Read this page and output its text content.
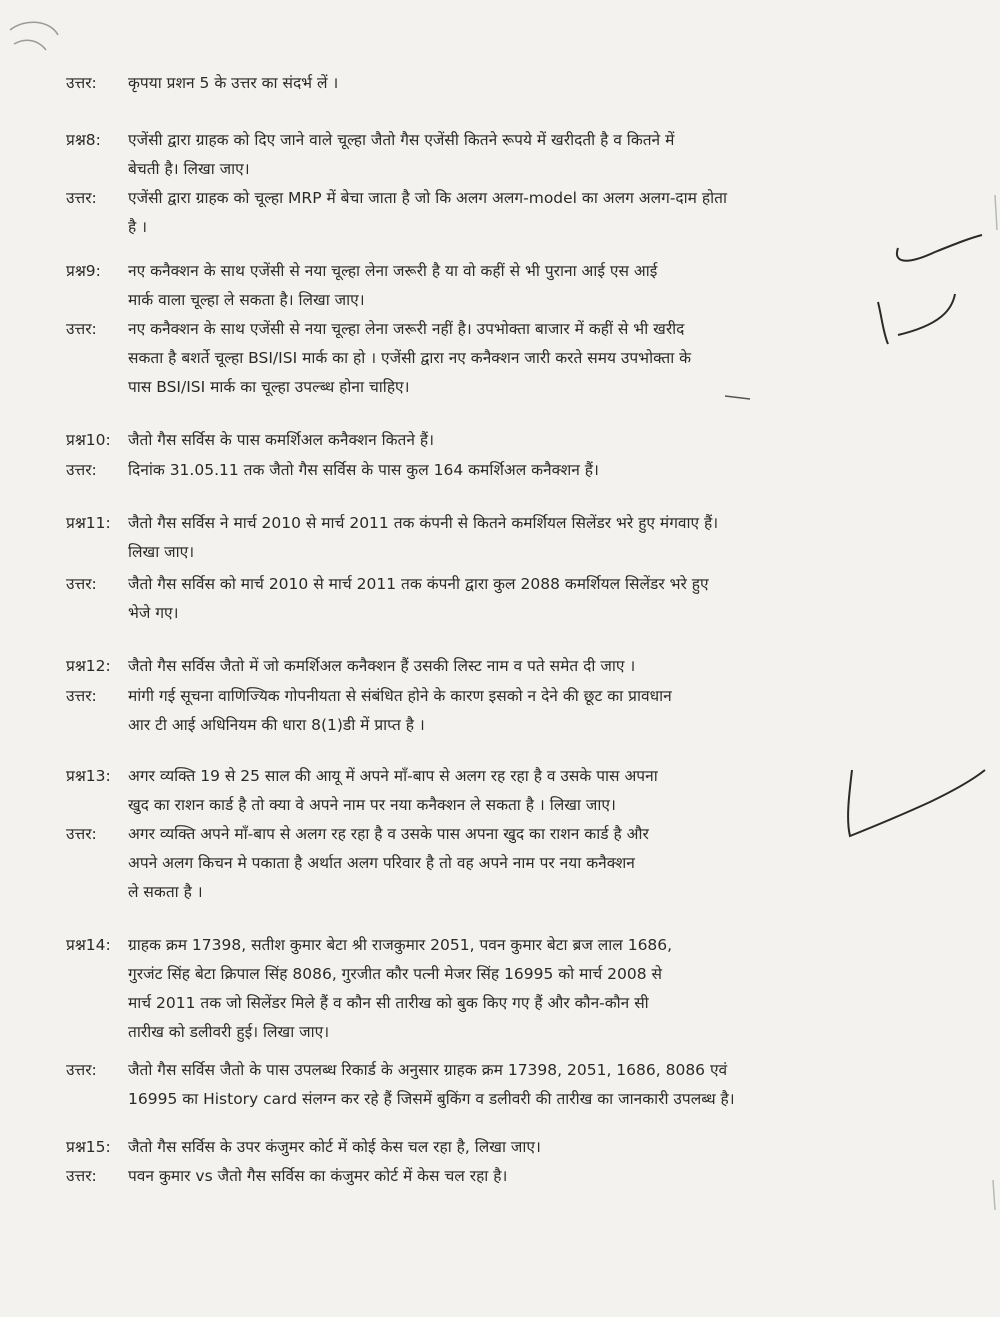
उत्तर: कृपया प्रशन 5 के उत्तर का संदर्भ लें ।
प्रश्न8: एजेंसी द्वारा ग्राहक को दिए जाने वाले चूल्हा जैतो गैस एजेंसी कितने रूपये में खरीदती है व कितने में
बेचती है। लिखा जाए।
उत्तर: एजेंसी द्वारा ग्राहक को चूल्हा MRP में बेचा जाता है जो कि अलग अलग-model का अलग अलग-दाम होता
है ।
प्रश्न9: नए कनैक्शन के साथ एजेंसी से नया चूल्हा लेना जरूरी है या वो कहीं से भी पुराना आई एस आई
मार्क वाला चूल्हा ले सकता है। लिखा जाए।
उत्तर: नए कनैक्शन के साथ एजेंसी से नया चूल्हा लेना जरूरी नहीं है। उपभोक्ता बाजार में कहीं से भी खरीद
सकता है बशर्ते चूल्हा BSI/ISI मार्क का हो । एजेंसी द्वारा नए कनैक्शन जारी करते समय उपभोक्ता के
पास BSI/ISI मार्क का चूल्हा उपल्ब्ध होना चाहिए।
प्रश्न10: जैतो गैस सर्विस के पास कमर्शिअल कनैक्शन कितने हैं।
उत्तर: दिनांक 31.05.11 तक जैतो गैस सर्विस के पास कुल 164 कमर्शिअल कनैक्शन हैं।
प्रश्न11: जैतो गैस सर्विस ने मार्च 2010 से मार्च 2011 तक कंपनी से कितने कमर्शियल सिलेंडर भरे हुए मंगवाए हैं।
लिखा जाए।
उत्तर: जैतो गैस सर्विस को मार्च 2010 से मार्च 2011 तक कंपनी द्वारा कुल 2088 कमर्शियल सिलेंडर भरे हुए
भेजे गए।
प्रश्न12: जैतो गैस सर्विस जैतो में जो कमर्शिअल कनैक्शन हैं उसकी लिस्ट नाम व पते समेत दी जाए ।
उत्तर: मांगी गई सूचना वाणिज्यिक गोपनीयता से संबंधित होने के कारण इसको न देने की छूट का प्रावधान
आर टी आई अधिनियम की धारा 8(1)डी में प्राप्त है ।
प्रश्न13: अगर व्यक्ति 19 से 25 साल की आयू में अपने माँ-बाप से अलग रह रहा है व उसके पास अपना
खुद का राशन कार्ड है तो क्या वे अपने नाम पर नया कनैक्शन ले सकता है । लिखा जाए।
उत्तर: अगर व्यक्ति अपने माँ-बाप से अलग रह रहा है व उसके पास अपना खुद का राशन कार्ड है और
अपने अलग किचन मे पकाता है अर्थात अलग परिवार है तो वह अपने नाम पर नया कनैक्शन
ले सकता है ।
प्रश्न14: ग्राहक क्रम 17398, सतीश कुमार बेटा श्री राजकुमार 2051, पवन कुमार बेटा ब्रज लाल 1686,
गुरजंट सिंह बेटा क्रिपाल सिंह 8086, गुरजीत कौर पत्नी मेजर सिंह 16995 को मार्च 2008 से
मार्च 2011 तक जो सिलेंडर मिले हैं व कौन सी तारीख को बुक किए गए हैं और कौन-कौन सी
तारीख को डलीवरी हुई। लिखा जाए।
उत्तर: जैतो गैस सर्विस जैतो के पास उपलब्ध रिकार्ड के अनुसार ग्राहक क्रम 17398, 2051, 1686, 8086 एवं
16995 का History card संलग्न कर रहे हैं जिसमें बुकिंग व डलीवरी की तारीख का जानकारी उपलब्ध है।
प्रश्न15: जैतो गैस सर्विस के उपर कंजुमर कोर्ट में कोई केस चल रहा है, लिखा जाए।
उत्तर: पवन कुमार vs जैतो गैस सर्विस का कंजुमर कोर्ट में केस चल रहा है।
